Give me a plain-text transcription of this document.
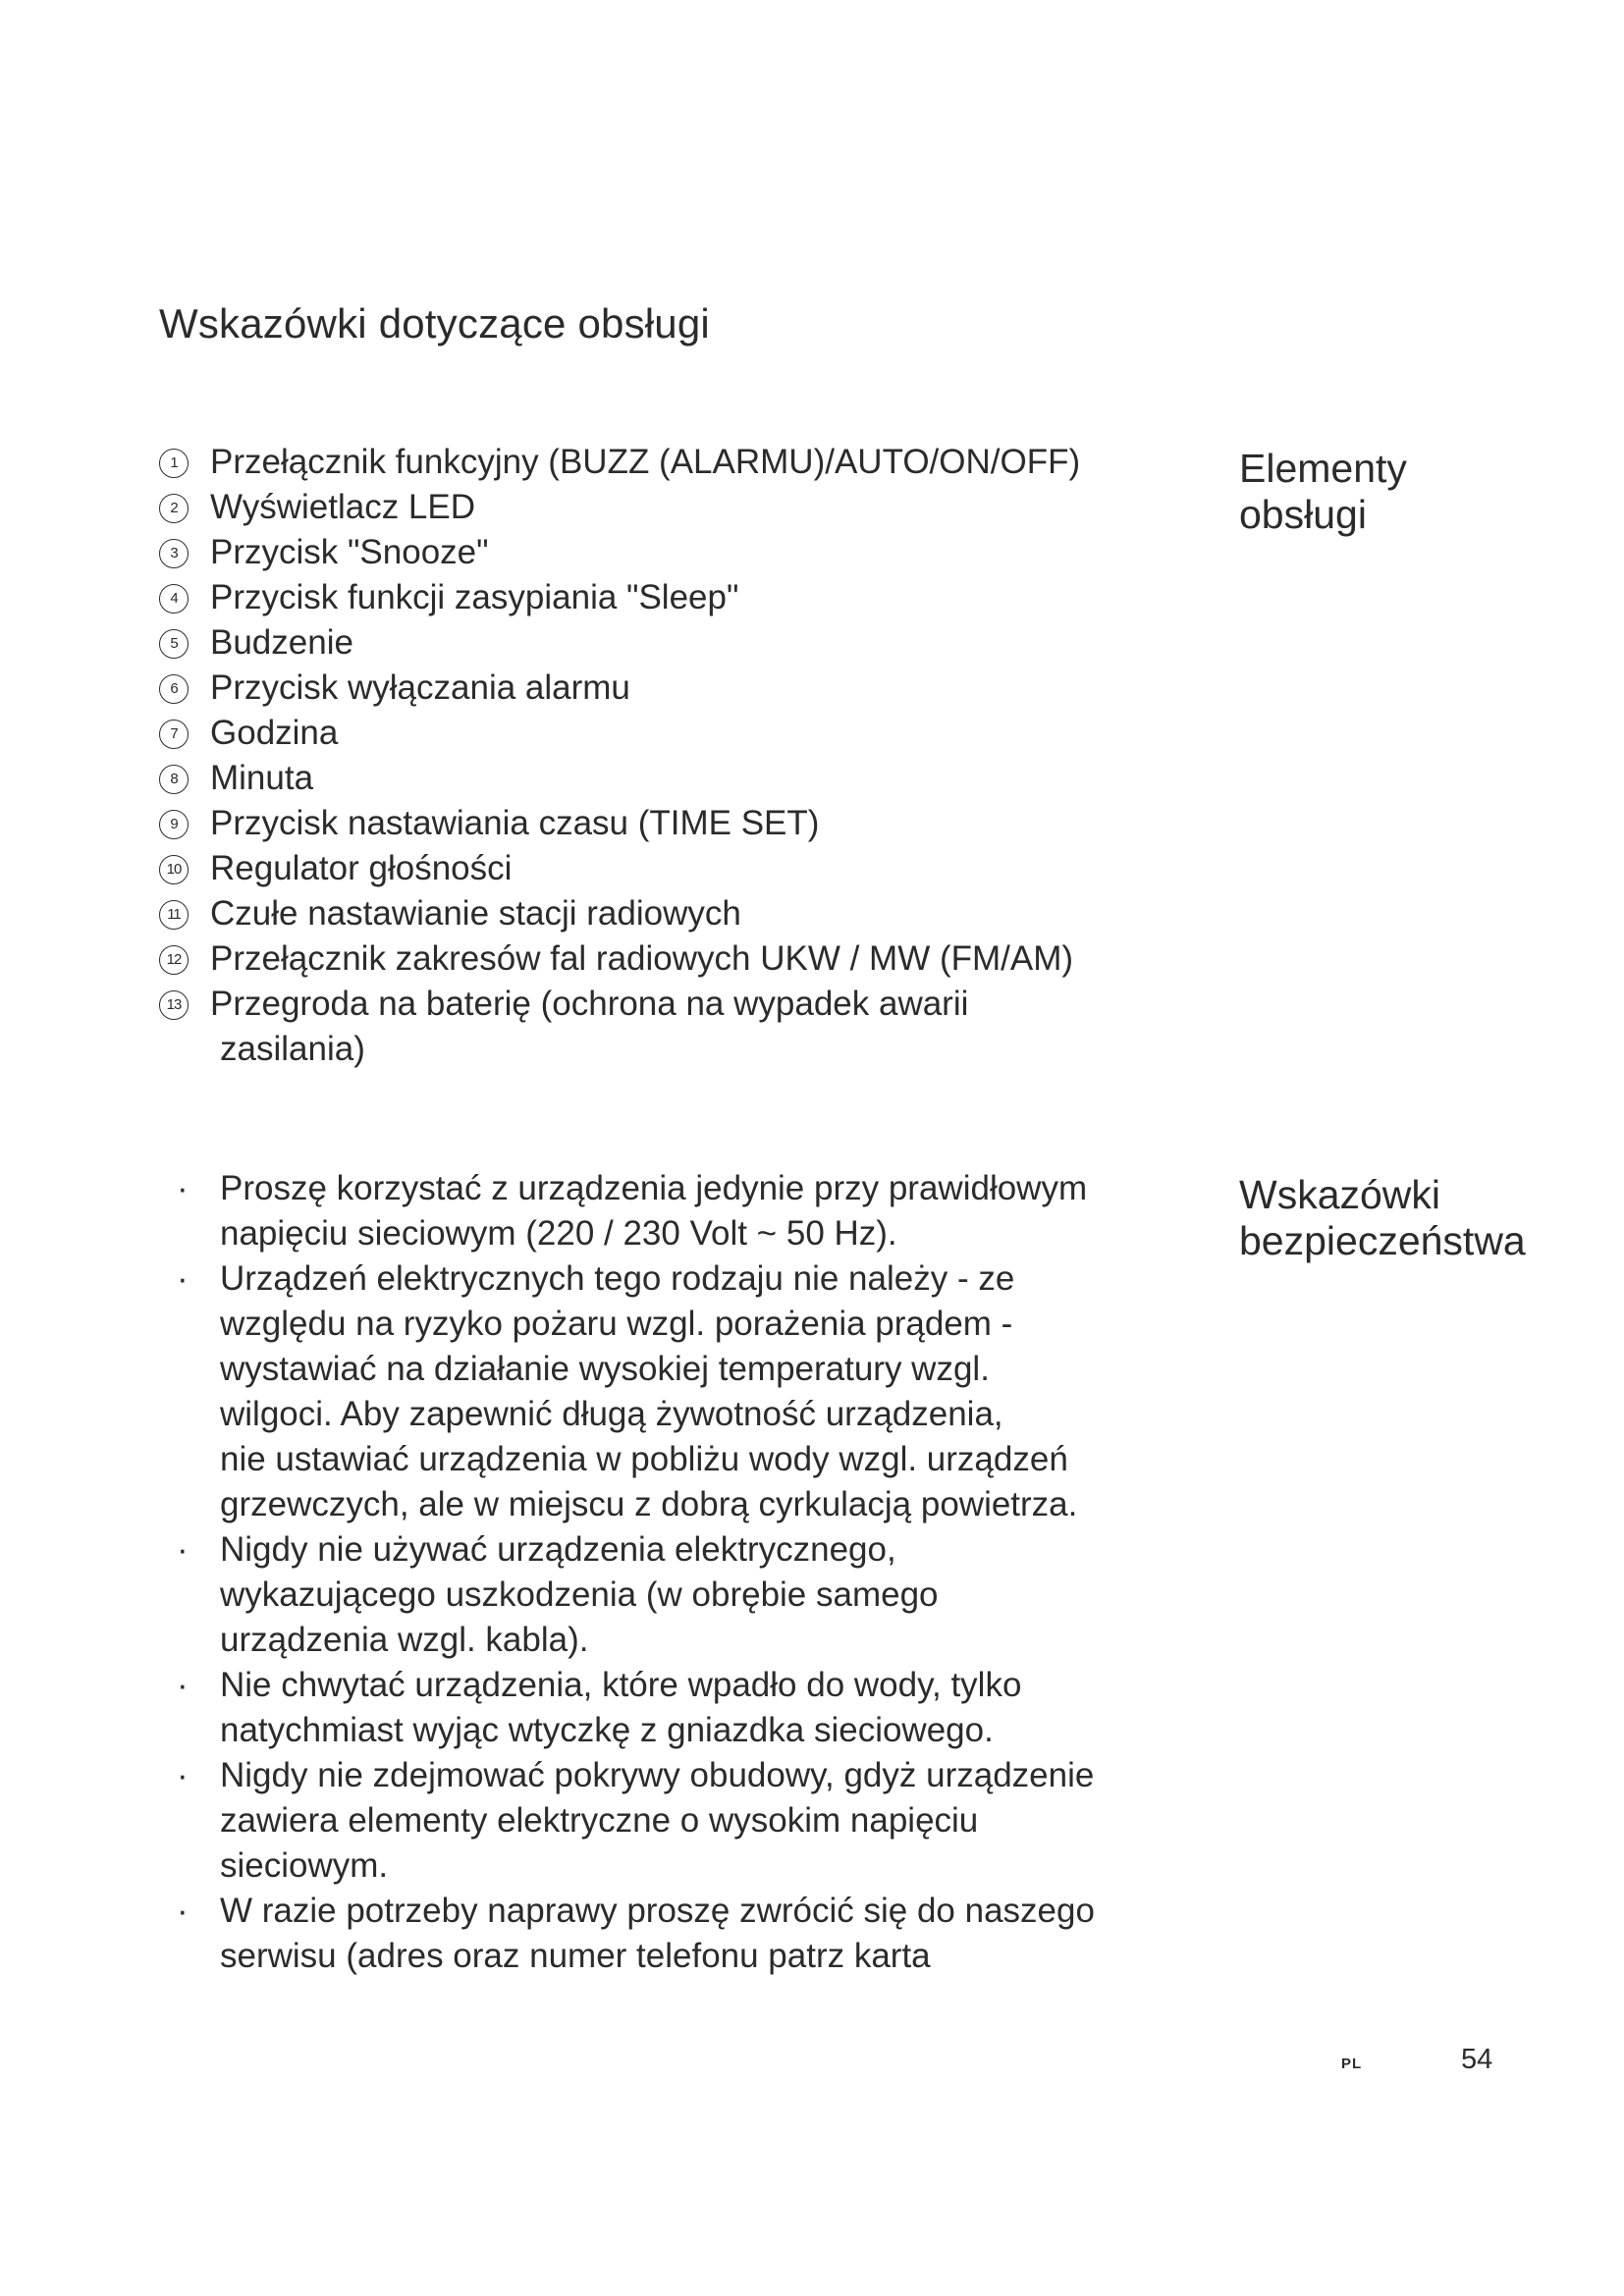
Wskazówki dotyczące obsługi
1 Przełącznik funkcyjny (BUZZ (ALARMU)/AUTO/ON/OFF)
2 Wyświetlacz LED
3 Przycisk "Snooze"
4 Przycisk funkcji zasypiania "Sleep"
5 Budzenie
6 Przycisk wyłączania alarmu
7 Godzina
8 Minuta
9 Przycisk nastawiania czasu (TIME SET)
10 Regulator głośności
11 Czułe nastawianie stacji radiowych
12 Przełącznik zakresów fal radiowych UKW / MW (FM/AM)
13 Przegroda na baterię (ochrona na wypadek awarii
zasilania)
Elementy
obsługi
· Proszę korzystać z urządzenia jedynie przy prawidłowym
napięciu sieciowym (220 / 230 Volt ~ 50 Hz).
· Urządzeń elektrycznych tego rodzaju nie należy - ze
względu na ryzyko pożaru wzgl. porażenia prądem -
wystawiać na działanie wysokiej temperatury wzgl.
wilgoci. Aby zapewnić długą żywotność urządzenia,
nie ustawiać urządzenia w pobliżu wody wzgl. urządzeń
grzewczych, ale w miejscu z dobrą cyrkulacją powietrza.
· Nigdy nie używać urządzenia elektrycznego,
wykazującego uszkodzenia (w obrębie samego
urządzenia wzgl. kabla).
· Nie chwytać urządzenia, które wpadło do wody, tylko
natychmiast wyjąc wtyczkę z gniazdka sieciowego.
· Nigdy nie zdejmować pokrywy obudowy, gdyż urządzenie
zawiera elementy elektryczne o wysokim napięciu
sieciowym.
· W razie potrzeby naprawy proszę zwrócić się do naszego
serwisu (adres oraz numer telefonu patrz karta
Wskazówki
bezpieczeństwa
PL	54
